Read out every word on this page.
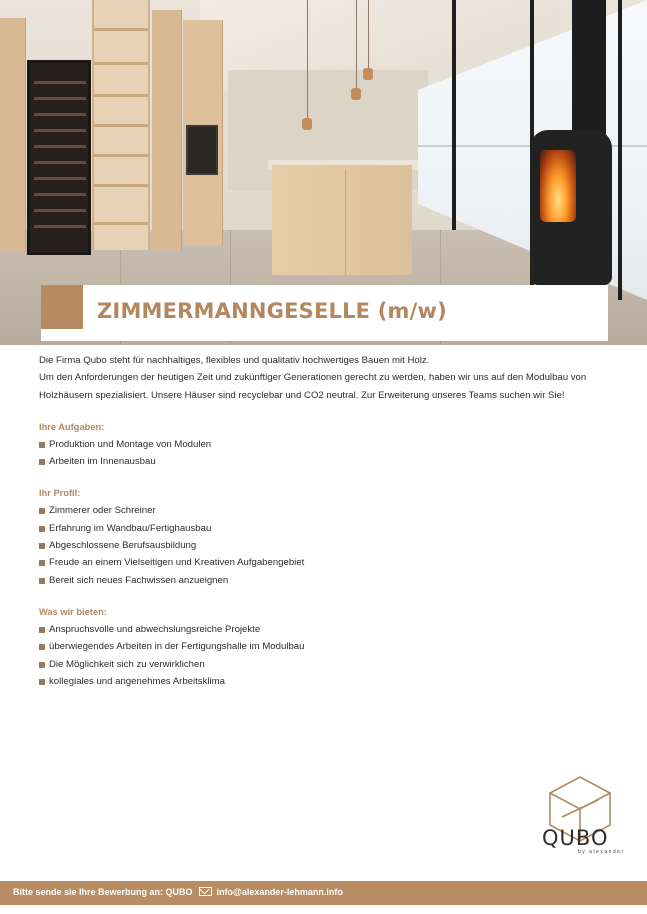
ZIMMERMANNGESELLE (m/w)

Die Firma Qubo steht für nachhaltiges, flexibles und qualitativ hochwertiges Bauen mit Holz.

Um den Anforderungen der heutigen Zeit und zukünftiger Generationen gerecht zu werden, haben wir uns auf den Modulbau von

Holzhäusern spezialisiert. Unsere Häuser sind recyclebar und CO2 neutral. Zur Erweiterung unseres Teams suchen wir Sie!

Ihre Aufgaben:
Produktion und Montage von Modulen
Arbeiten im Innenausbau
Ihr Profil:
Zimmerer oder Schreiner
Erfahrung im Wandbau/Fertighausbau
Abgeschlossene Berufsausbildung
Freude an einem Vielseitigen und Kreativen Aufgabengebiet
Bereit sich neues Fachwissen anzueignen
Was wir bieten:
Anspruchsvolle und abwechslungsreiche Projekte
überwiegendes Arbeiten in der Fertigungshalle im Modulbau
Die Möglichkeit sich zu verwirklichen
kollegiales und angenehmes Arbeitsklima
QUBO
by alexander
Bitte sende sie Ihre Bewerbung an: QUBO	info@alexander-lehmann.info
